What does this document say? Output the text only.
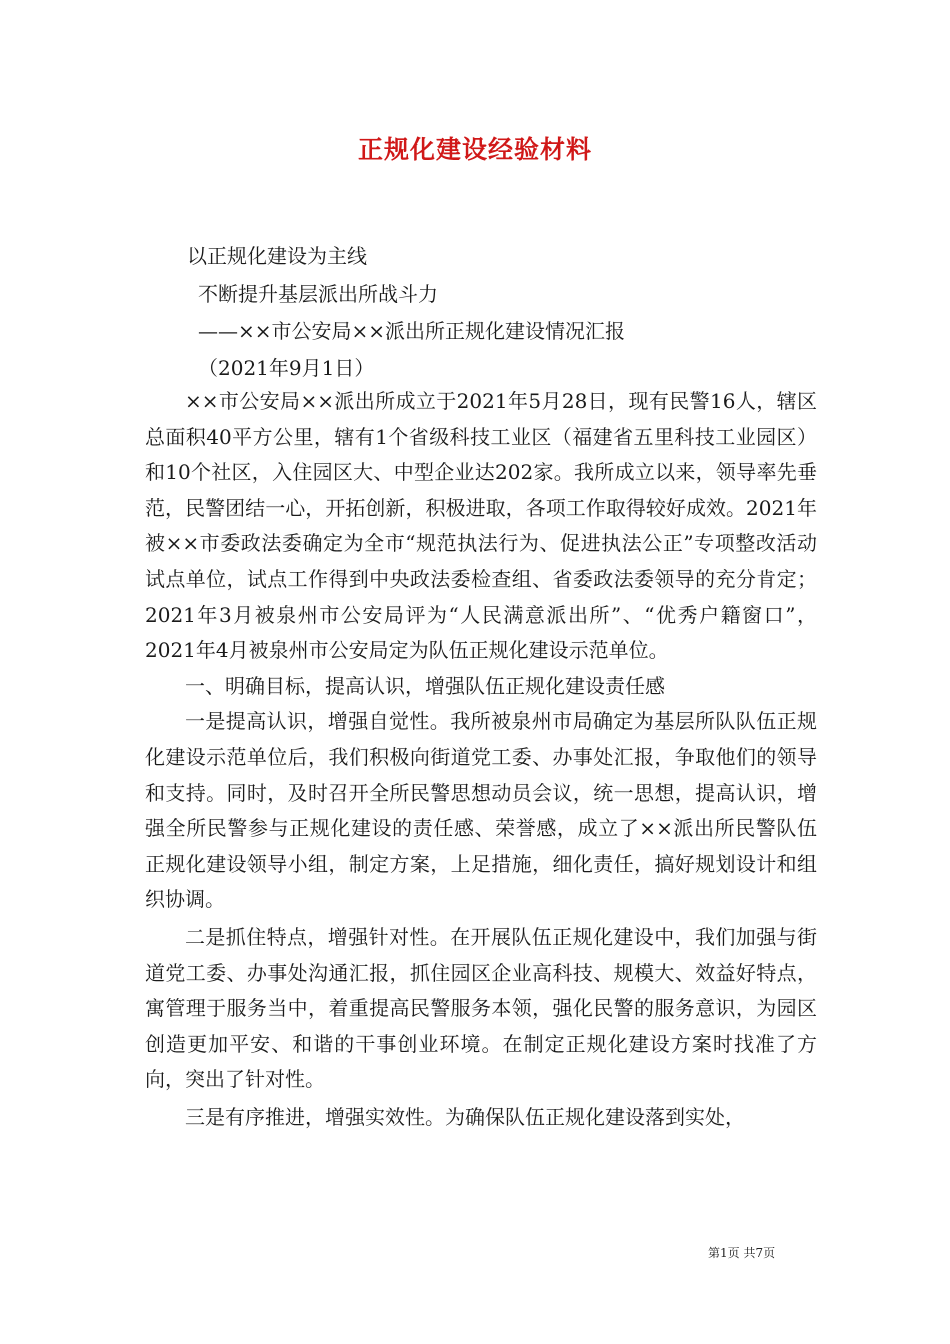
正规化建设经验材料
以正规化建设为主线
不断提升基层派出所战斗力
——××市公安局××派出所正规化建设情况汇报
（2021年9月1日）

××市公安局××派出所成立于2021年5月28日，现有民警16人，辖区总面积40平方公里，辖有1个省级科技工业区（福建省五里科技工业园区）和10个社区，入住园区大、中型企业达202家。我所成立以来，领导率先垂范，民警团结一心，开拓创新，积极进取，各项工作取得较好成效。2021年被××市委政法委确定为全市“规范执法行为、促进执法公正”专项整改活动试点单位，试点工作得到中央政法委检查组、省委政法委领导的充分肯定；2021年3月被泉州市公安局评为“人民满意派出所”、“优秀户籍窗口”，2021年4月被泉州市公安局定为队伍正规化建设示范单位。

一、明确目标，提高认识，增强队伍正规化建设责任感

一是提高认识，增强自觉性。我所被泉州市局确定为基层所队队伍正规化建设示范单位后，我们积极向街道党工委、办事处汇报，争取他们的领导和支持。同时，及时召开全所民警思想动员会议，统一思想，提高认识，增强全所民警参与正规化建设的责任感、荣誉感，成立了××派出所民警队伍正规化建设领导小组，制定方案，上足措施，细化责任，搞好规划设计和组织协调。

二是抓住特点，增强针对性。在开展队伍正规化建设中，我们加强与街道党工委、办事处沟通汇报，抓住园区企业高科技、规模大、效益好特点，寓管理于服务当中，着重提高民警服务本领，强化民警的服务意识，为园区创造更加平安、和谐的干事创业环境。在制定正规化建设方案时找准了方向，突出了针对性。

三是有序推进，增强实效性。为确保队伍正规化建设落到实处，

第1页 共7页
